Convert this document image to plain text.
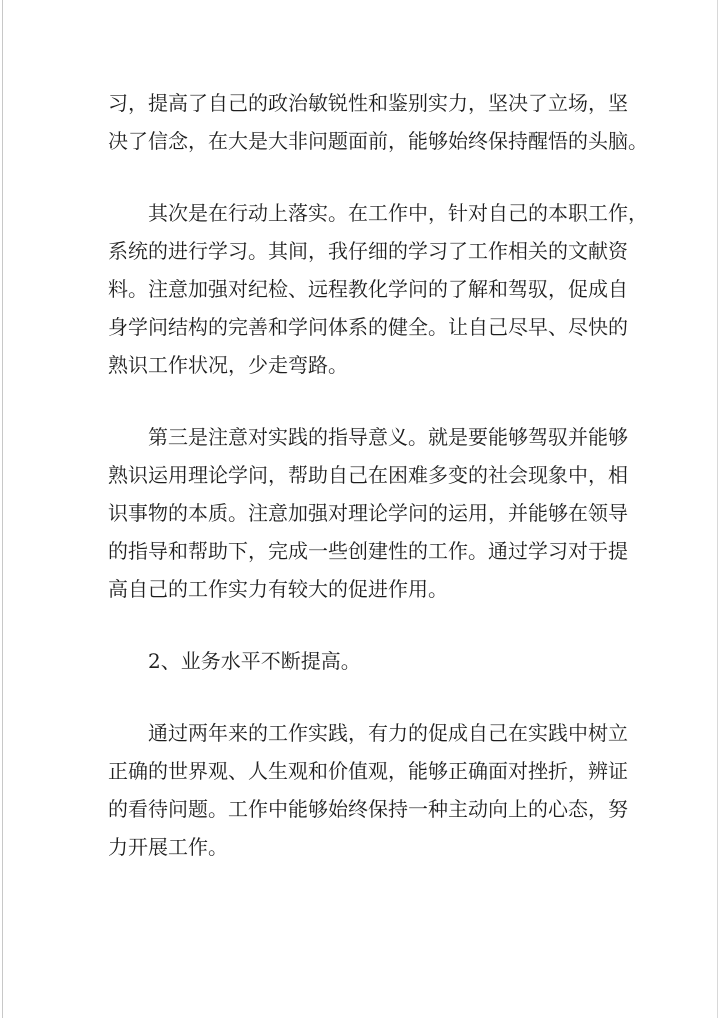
习，提高了自己的政治敏锐性和鉴别实力，坚决了立场，坚
决了信念，在大是大非问题面前，能够始终保持醒悟的头脑。

其次是在行动上落实。在工作中，针对自己的本职工作，
系统的进行学习。其间，我仔细的学习了工作相关的文献资
料。注意加强对纪检、远程教化学问的了解和驾驭，促成自
身学问结构的完善和学问体系的健全。让自己尽早、尽快的
熟识工作状况，少走弯路。

第三是注意对实践的指导意义。就是要能够驾驭并能够
熟识运用理论学问，帮助自己在困难多变的社会现象中，相
识事物的本质。注意加强对理论学问的运用，并能够在领导
的指导和帮助下，完成一些创建性的工作。通过学习对于提
高自己的工作实力有较大的促进作用。

2、业务水平不断提高。

通过两年来的工作实践，有力的促成自己在实践中树立
正确的世界观、人生观和价值观，能够正确面对挫折，辨证
的看待问题。工作中能够始终保持一种主动向上的心态，努
力开展工作。
